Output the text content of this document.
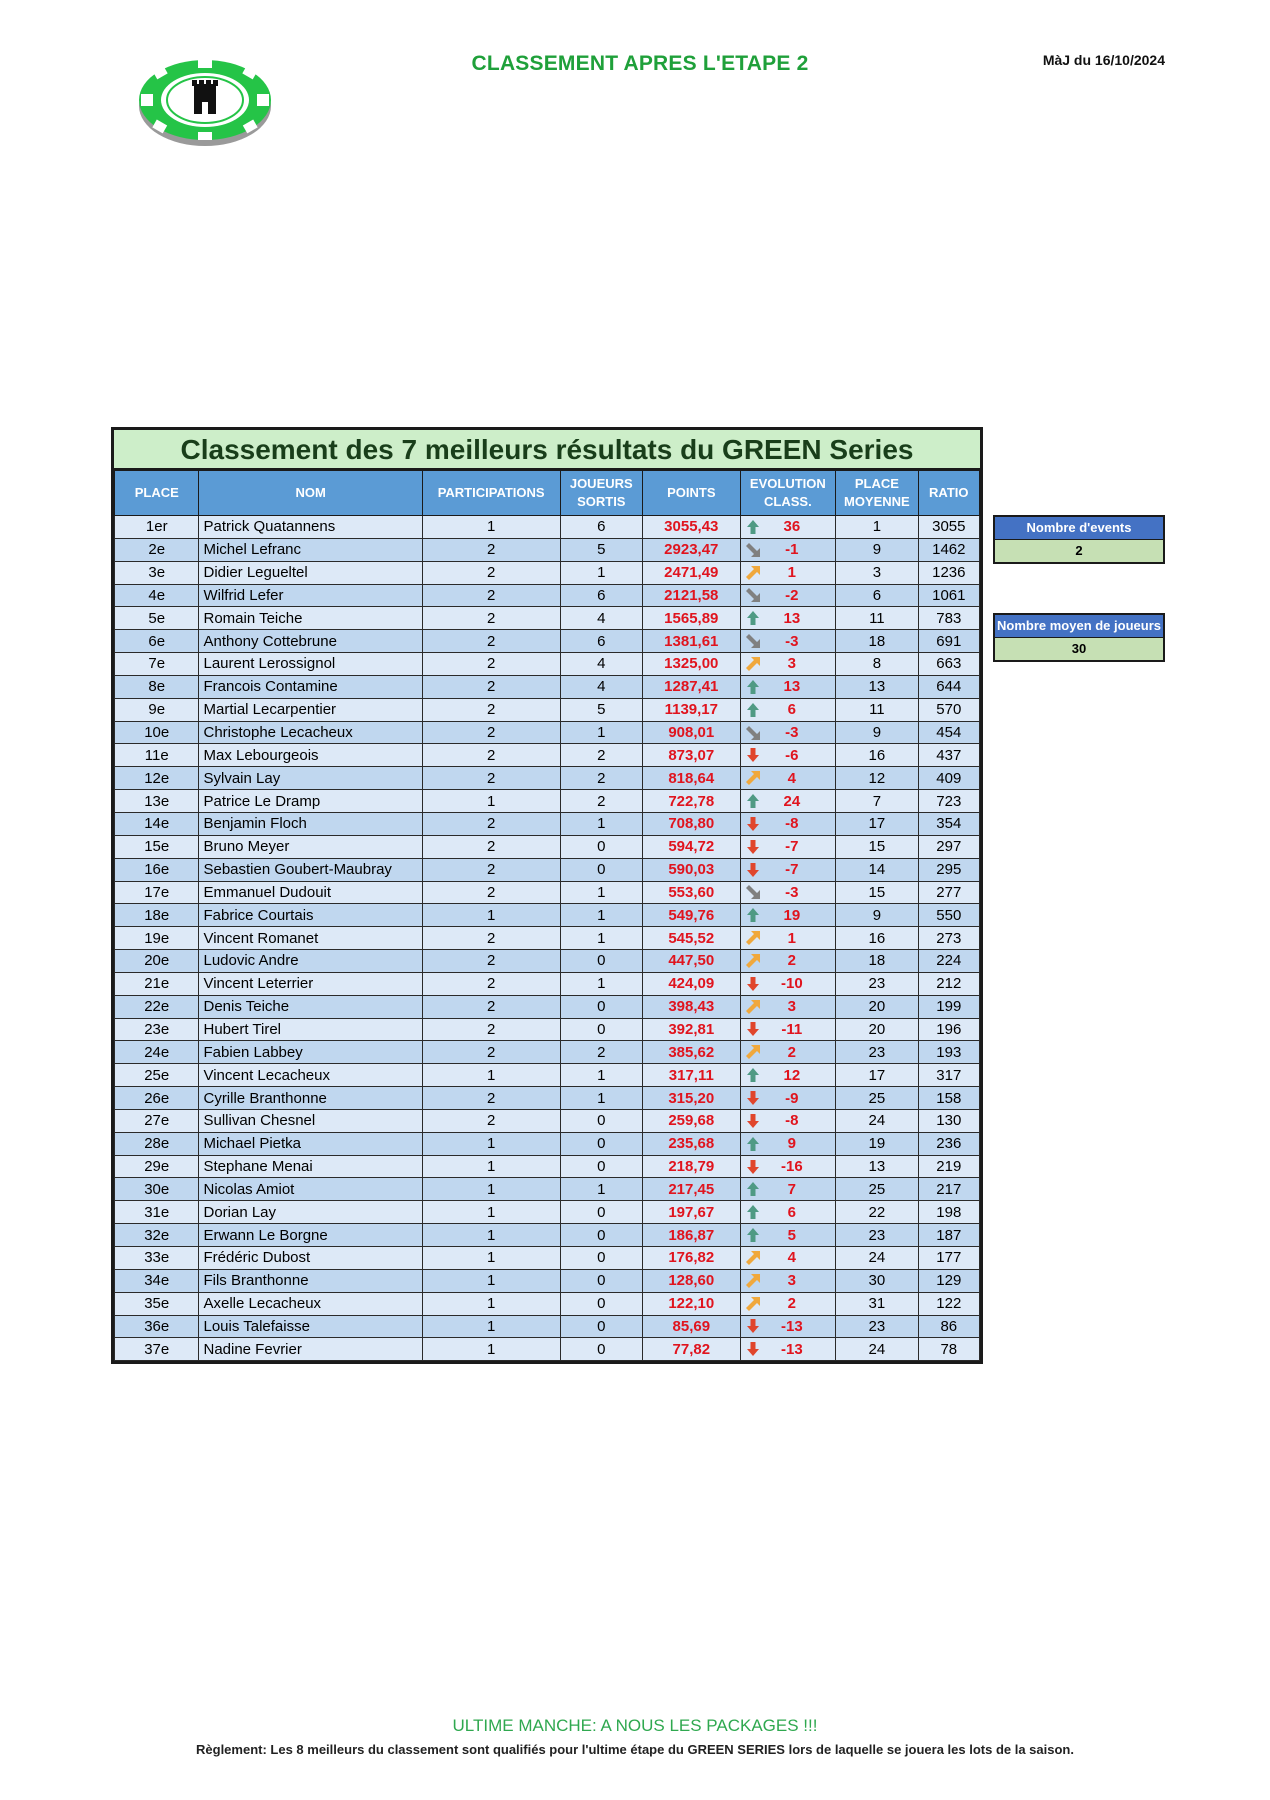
CLASSEMENT APRES L'ETAPE 2	MàJ du 16/10/2024
Classement des 7 meilleurs résultats du GREEN Series
PLACE	NOM	PARTICIPATIONS	JOUEURS SORTIS	POINTS	EVOLUTION CLASS.	PLACE MOYENNE	RATIO
1er	Patrick Quatannens	1	6	3055,43	36	1	3055
2e	Michel Lefranc	2	5	2923,47	-1	9	1462
3e	Didier Legueltel	2	1	2471,49	1	3	1236
4e	Wilfrid Lefer	2	6	2121,58	-2	6	1061
5e	Romain Teiche	2	4	1565,89	13	11	783
6e	Anthony Cottebrune	2	6	1381,61	-3	18	691
7e	Laurent Lerossignol	2	4	1325,00	3	8	663
8e	Francois Contamine	2	4	1287,41	13	13	644
9e	Martial Lecarpentier	2	5	1139,17	6	11	570
10e	Christophe Lecacheux	2	1	908,01	-3	9	454
11e	Max Lebourgeois	2	2	873,07	-6	16	437
12e	Sylvain Lay	2	2	818,64	4	12	409
13e	Patrice Le Dramp	1	2	722,78	24	7	723
14e	Benjamin Floch	2	1	708,80	-8	17	354
15e	Bruno Meyer	2	0	594,72	-7	15	297
16e	Sebastien Goubert-Maubray	2	0	590,03	-7	14	295
17e	Emmanuel Dudouit	2	1	553,60	-3	15	277
18e	Fabrice Courtais	1	1	549,76	19	9	550
19e	Vincent Romanet	2	1	545,52	1	16	273
20e	Ludovic Andre	2	0	447,50	2	18	224
21e	Vincent Leterrier	2	1	424,09	-10	23	212
22e	Denis Teiche	2	0	398,43	3	20	199
23e	Hubert Tirel	2	0	392,81	-11	20	196
24e	Fabien Labbey	2	2	385,62	2	23	193
25e	Vincent Lecacheux	1	1	317,11	12	17	317
26e	Cyrille Branthonne	2	1	315,20	-9	25	158
27e	Sullivan Chesnel	2	0	259,68	-8	24	130
28e	Michael Pietka	1	0	235,68	9	19	236
29e	Stephane Menai	1	0	218,79	-16	13	219
30e	Nicolas Amiot	1	1	217,45	7	25	217
31e	Dorian Lay	1	0	197,67	6	22	198
32e	Erwann Le Borgne	1	0	186,87	5	23	187
33e	Frédéric Dubost	1	0	176,82	4	24	177
34e	Fils Branthonne	1	0	128,60	3	30	129
35e	Axelle Lecacheux	1	0	122,10	2	31	122
36e	Louis Talefaisse	1	0	85,69	-13	23	86
37e	Nadine Fevrier	1	0	77,82	-13	24	78
Nombre d'events
2
Nombre moyen de joueurs
30
ULTIME MANCHE: A NOUS LES PACKAGES !!!
Règlement: Les 8 meilleurs du classement sont qualifiés pour l'ultime étape du GREEN SERIES lors de laquelle se jouera les lots de la saison.
